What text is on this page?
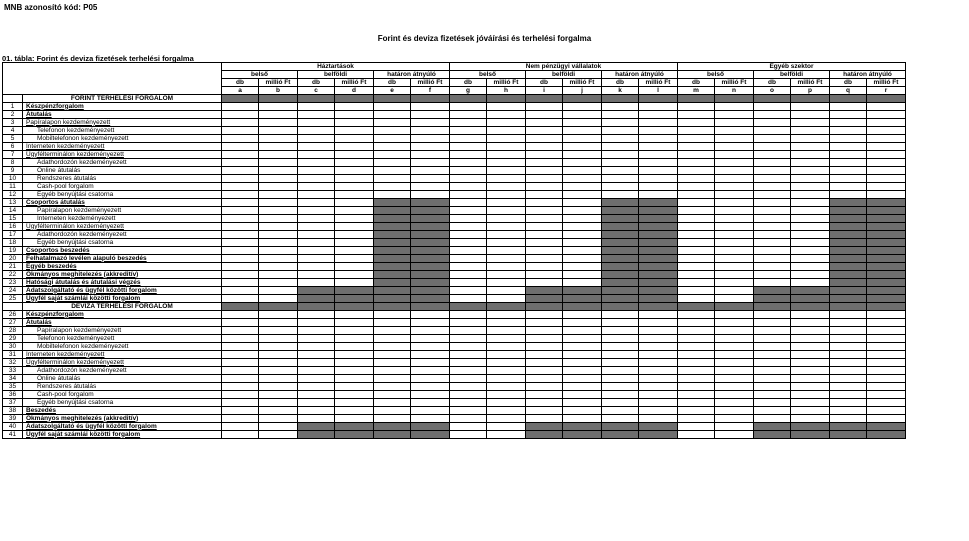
MNB azonosító kód: P05
Forint és deviza fizetések jóváírási és terhelési forgalma
01. tábla: Forint és deviza fizetések terhelési forgalma
		Háztartások						Nem pénzügyi vállalatok						Egyéb szektor					
		belső		belföldi		határon átnyúló		belső		belföldi		határon átnyúló		belső		belföldi		határon átnyúló	
		db	millió Ft	db	millió Ft	db	millió Ft	db	millió Ft	db	millió Ft	db	millió Ft	db	millió Ft	db	millió Ft	db	millió Ft
		a	b	c	d	e	f	g	h	i	j	k	l	m	n	o	p	q	r
	FORINT TERHELÉSI FORGALOM																		
1	Készpénzforgalom																		
2	Átutalás																		
3	Papíralapon kezdeményezett																		
4	Telefonon kezdeményezett																		
5	Mobiltelefonon kezdeményezett																		
6	Interneten kezdeményezett																		
7	Ügyfélterminálon kezdeményezett																		
8	Adathordozón kezdeményezett																		
9	Online átutalás																		
10	Rendszeres átutalás																		
11	Cash-pool forgalom																		
12	Egyéb benyújtási csatorna																		
13	Csoportos átutalás																		
14	Papíralapon kezdeményezett																		
15	Interneten kezdeményezett																		
16	Ügyfélterminálon kezdeményezett																		
17	Adathordozón kezdeményezett																		
18	Egyéb benyújtási csatorna																		
19	Csoportos beszedés																		
20	Felhatalmazó levélen alapuló beszedés																		
21	Egyéb beszedés																		
22	Okmányos meghitelezés (akkreditív)																		
23	Hatósági átutalás és átutalási végzés																		
24	Adatszolgáltató és ügyfél közötti forgalom																		
25	Ügyfél saját számlái közötti forgalom																		
	DEVIZA TERHELÉSI FORGALOM																		
26	Készpénzforgalom																		
27	Átutalás																		
28	Papíralapon kezdeményezett																		
29	Telefonon kezdeményezett																		
30	Mobiltelefonon kezdeményezett																		
31	Interneten kezdeményezett																		
32	Ügyfélterminálon kezdeményezett																		
33	Adathordozón kezdeményezett																		
34	Online átutalás																		
35	Rendszeres átutalás																		
36	Cash-pool forgalom																		
37	Egyéb benyújtási csatorna																		
38	Beszedés																		
39	Okmányos meghitelezés (akkreditív)																		
40	Adatszolgáltató és ügyfél közötti forgalom																		
41	Ügyfél saját számlái közötti forgalom																		
